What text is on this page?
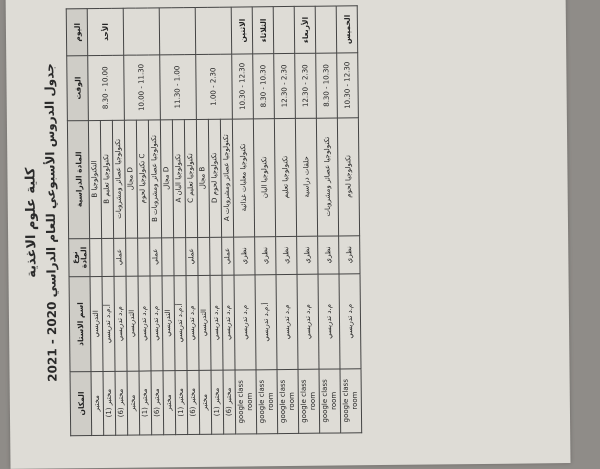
كلية علوم الاغذية
جدول الدروس الأسبوعي للعام الدراسي 2020 - 2021
اليوم	الوقت	المادة الدراسية	نوع المادة	اسم الاستاذ	المكان
الأحد	8.30 - 10.00	التكنولوجيا B		التدريسي	مختبر
		تكنولوجيا تعليم B		أ.م.د تدريسي	مختبر (1)
		تكنولوجيا عصائر ومشروبات	عملي	م.د تدريسي	مختبر (6)
	10.00 - 11.30	D مجال		التدريسي	مختبر
		C تكنولوجيا لحوم		م.د تدريسي	مختبر (1)
		تكنولوجيا عصائر ومشروبات B	عملي	م.د تدريسي	مختبر (6)
	11.30 - 1.00	D مجال		التدريسي	مختبر
		تكنولوجيا البان A		أ.م.د تدريسي	مختبر (1)
		تكنولوجيا تعليم C	عملي	م.د تدريسي	مختبر (6)
	1.00 - 2.30	B مجال		التدريسي	مختبر
		تكنولوجيا لحوم D		م.د تدريسي	مختبر (1)
		تكنولوجيا عصائر ومشروبات A	عملي	م.د تدريسي	مختبر (6)
الاثنين	10.30 - 12.30	تكنولوجيا معلبات غذائية	نظري	م.د تدريسي	google class room
الثلاثاء	8.30 - 10.30	تكنولوجيا البان	نظري	أ.م.د تدريسي	google class room
	12.30 - 2.30	تكنولوجيا تعليم	نظري	م.د تدريسي	google class room
الأربعاء	12.30 - 2.30	حلقات دراسية	نظري	م.د تدريسي	google class room
	8.30 - 10.30	تكنولوجيا عصائر ومشروبات	نظري	م.د تدريسي	google class room
الخميس	10.30 - 12.30	تكنولوجيا لحوم	نظري	م.د تدريسي	google class room
